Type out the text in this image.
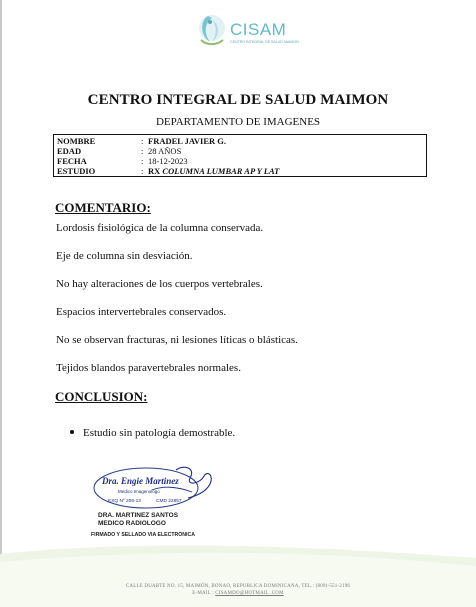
CISAM
CENTRO INTEGRAL DE SALUD MAIMON
CENTRO INTEGRAL DE SALUD MAIMON
DEPARTAMENTO DE IMAGENES
NOMBRE	: FRADEL JAVIER G.
EDAD	: 28 AÑOS
FECHA	: 18-12-2023
ESTUDIO	: RX COLUMNA LUMBAR AP Y LAT
COMENTARIO:
Lordosis fisiológica de la columna conservada.
Eje de columna sin desviación.
No hay alteraciones de los cuerpos vertebrales.
Espacios intervertebrales conservados.
No se observan fracturas, ni lesiones líticas o blásticas.
Tejidos blandos paravertebrales normales.
CONCLUSION:
Estudio sin patología demostrable.
Dra. Engie Martinez
Medico Imagenologo
EXQ Nº 206-13	CMD 22857
DRA. MARTINEZ SANTOS
MEDICO RADIOLOGO
FIRMADO Y SELLADO VIA ELECTRONICA
CALLE DUARTE NO. 15, MAIMÓN, BONAO, REPUBLICA DOMINICANA, TEL.: (809)-551-2196
E-MAIL : CISAMDO@HOTMAIL .COM
